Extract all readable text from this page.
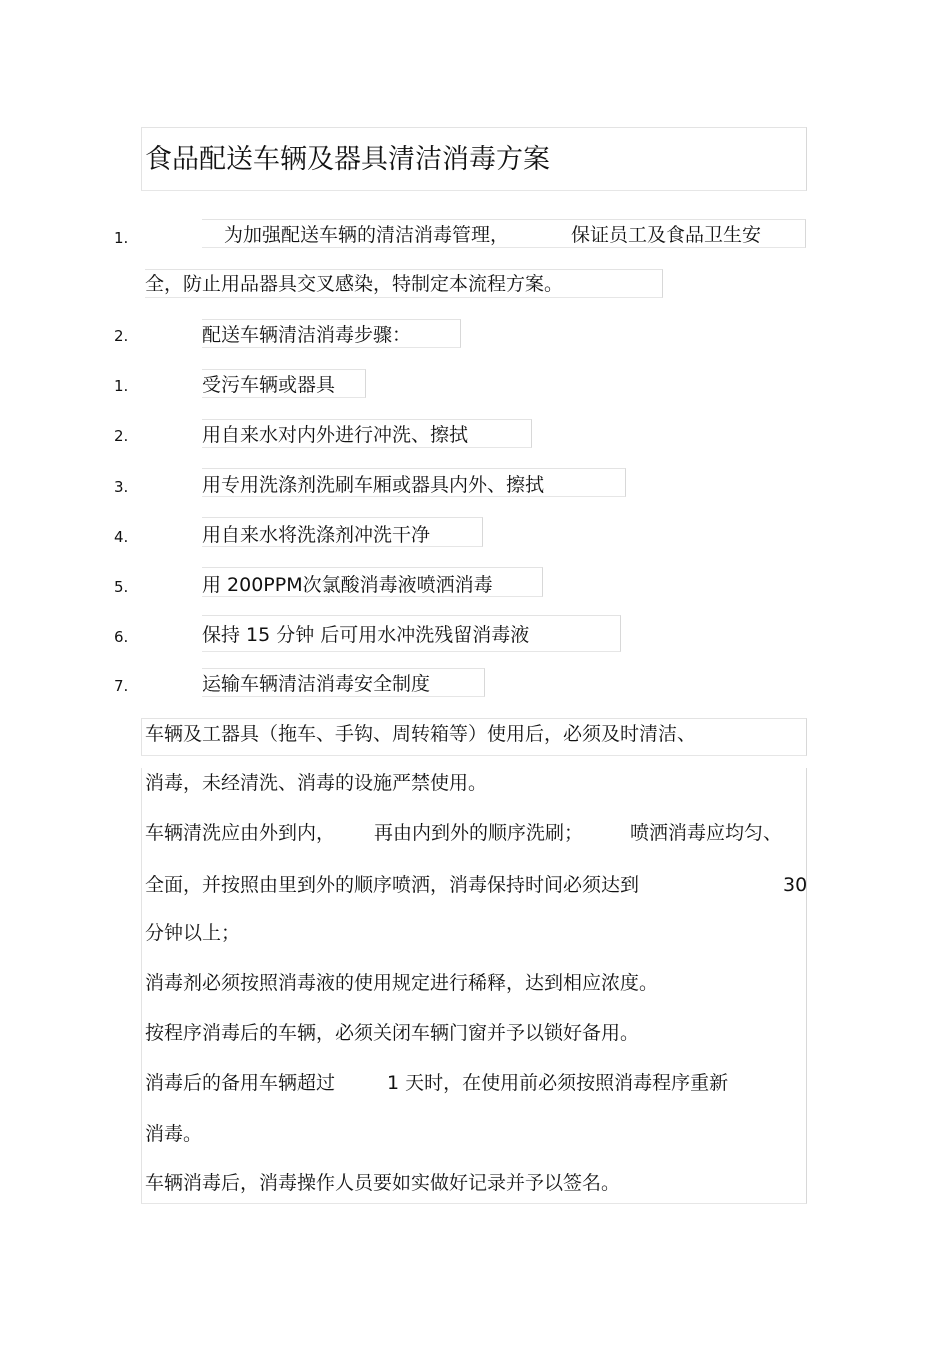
食品配送车辆及器具清洁消毒方案
1.	为加强配送车辆的清洁消毒管理，	保证员工及食品卫生安
全，防止用品器具交叉感染，特制定本流程方案。
2.	配送车辆清洁消毒步骤：
1.	受污车辆或器具
2.	用自来水对内外进行冲洗、擦拭
3.	用专用洗涤剂洗刷车厢或器具内外、擦拭
4.	用自来水将洗涤剂冲洗干净
5.	用 200PPM次氯酸消毒液喷洒消毒
6.	保持 15 分钟 后可用水冲洗残留消毒液
7.	运输车辆清洁消毒安全制度
车辆及工器具（拖车、手钩、周转箱等）使用后，必须及时清洁、
消毒，未经清洗、消毒的设施严禁使用。
车辆清洗应由外到内， 再由内到外的顺序洗刷； 喷洒消毒应均匀、
全面，并按照由里到外的顺序喷洒，消毒保持时间必须达到	30
分钟以上；
消毒剂必须按照消毒液的使用规定进行稀释，达到相应浓度。
按程序消毒后的车辆，必须关闭车辆门窗并予以锁好备用。
消毒后的备用车辆超过	1 天时，在使用前必须按照消毒程序重新
消毒。
车辆消毒后，消毒操作人员要如实做好记录并予以签名。
